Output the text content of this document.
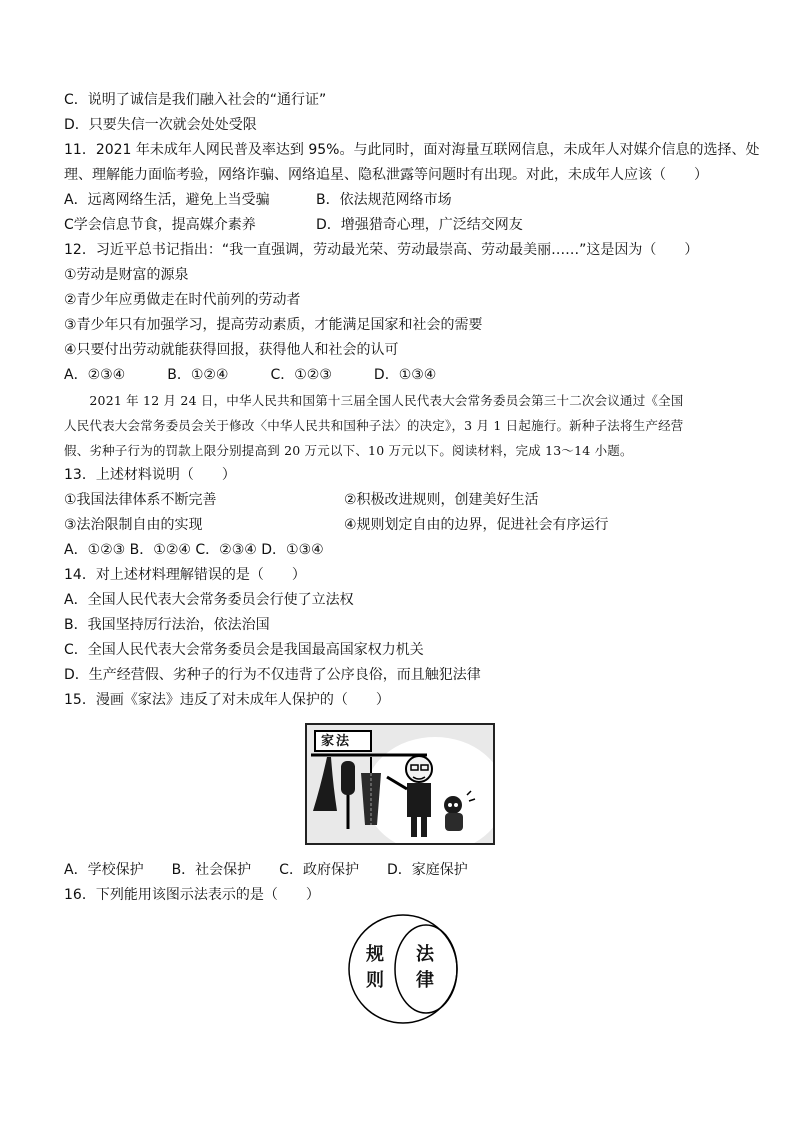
C．说明了诚信是我们融入社会的“通行证”
D．只要失信一次就会处处受限
11．2021 年未成年人网民普及率达到 95%。与此同时，面对海量互联网信息，未成年人对媒介信息的选择、处
理、理解能力面临考验，网络诈骗、网络追星、隐私泄露等问题时有出现。对此，未成年人应该（　　）
A．远离网络生活，避免上当受骗	B．依法规范网络市场
C学会信息节食，提高媒介素养	D．增强猎奇心理，广泛结交网友
12．习近平总书记指出：“我一直强调，劳动最光荣、劳动最崇高、劳动最美丽……”这是因为（　　）
①劳动是财富的源泉
②青少年应勇做走在时代前列的劳动者
③青少年只有加强学习，提高劳动素质，才能满足国家和社会的需要
④只要付出劳动就能获得回报，获得他人和社会的认可
A．②③④　　　B．①②④　　　C．①②③　　　D．①③④
　　2021 年 12 月 24 日，中华人民共和国第十三届全国人民代表大会常务委员会第三十二次会议通过《全国
人民代表大会常务委员会关于修改〈中华人民共和国种子法〉的决定》，3 月 1 日起施行。新种子法将生产经营
假、劣种子行为的罚款上限分别提高到 20 万元以下、10 万元以下。阅读材料，完成 13～14 小题。
13．上述材料说明（　　）
①我国法律体系不断完善	②积极改进规则，创建美好生活
③法治限制自由的实现	④规则划定自由的边界，促进社会有序运行
A．①②③ B．①②④ C．②③④ D．①③④
14．对上述材料理解错误的是（　　）
A．全国人民代表大会常务委员会行使了立法权
B．我国坚持厉行法治，依法治国
C．全国人民代表大会常务委员会是我国最高国家权力机关
D．生产经营假、劣种子的行为不仅违背了公序良俗，而且触犯法律
15．漫画《家法》违反了对未成年人保护的（　　）
家法
A．学校保护　　B．社会保护　　C．政府保护　　D．家庭保护
16．下列能用该图示法表示的是（　　）
规则
法律
